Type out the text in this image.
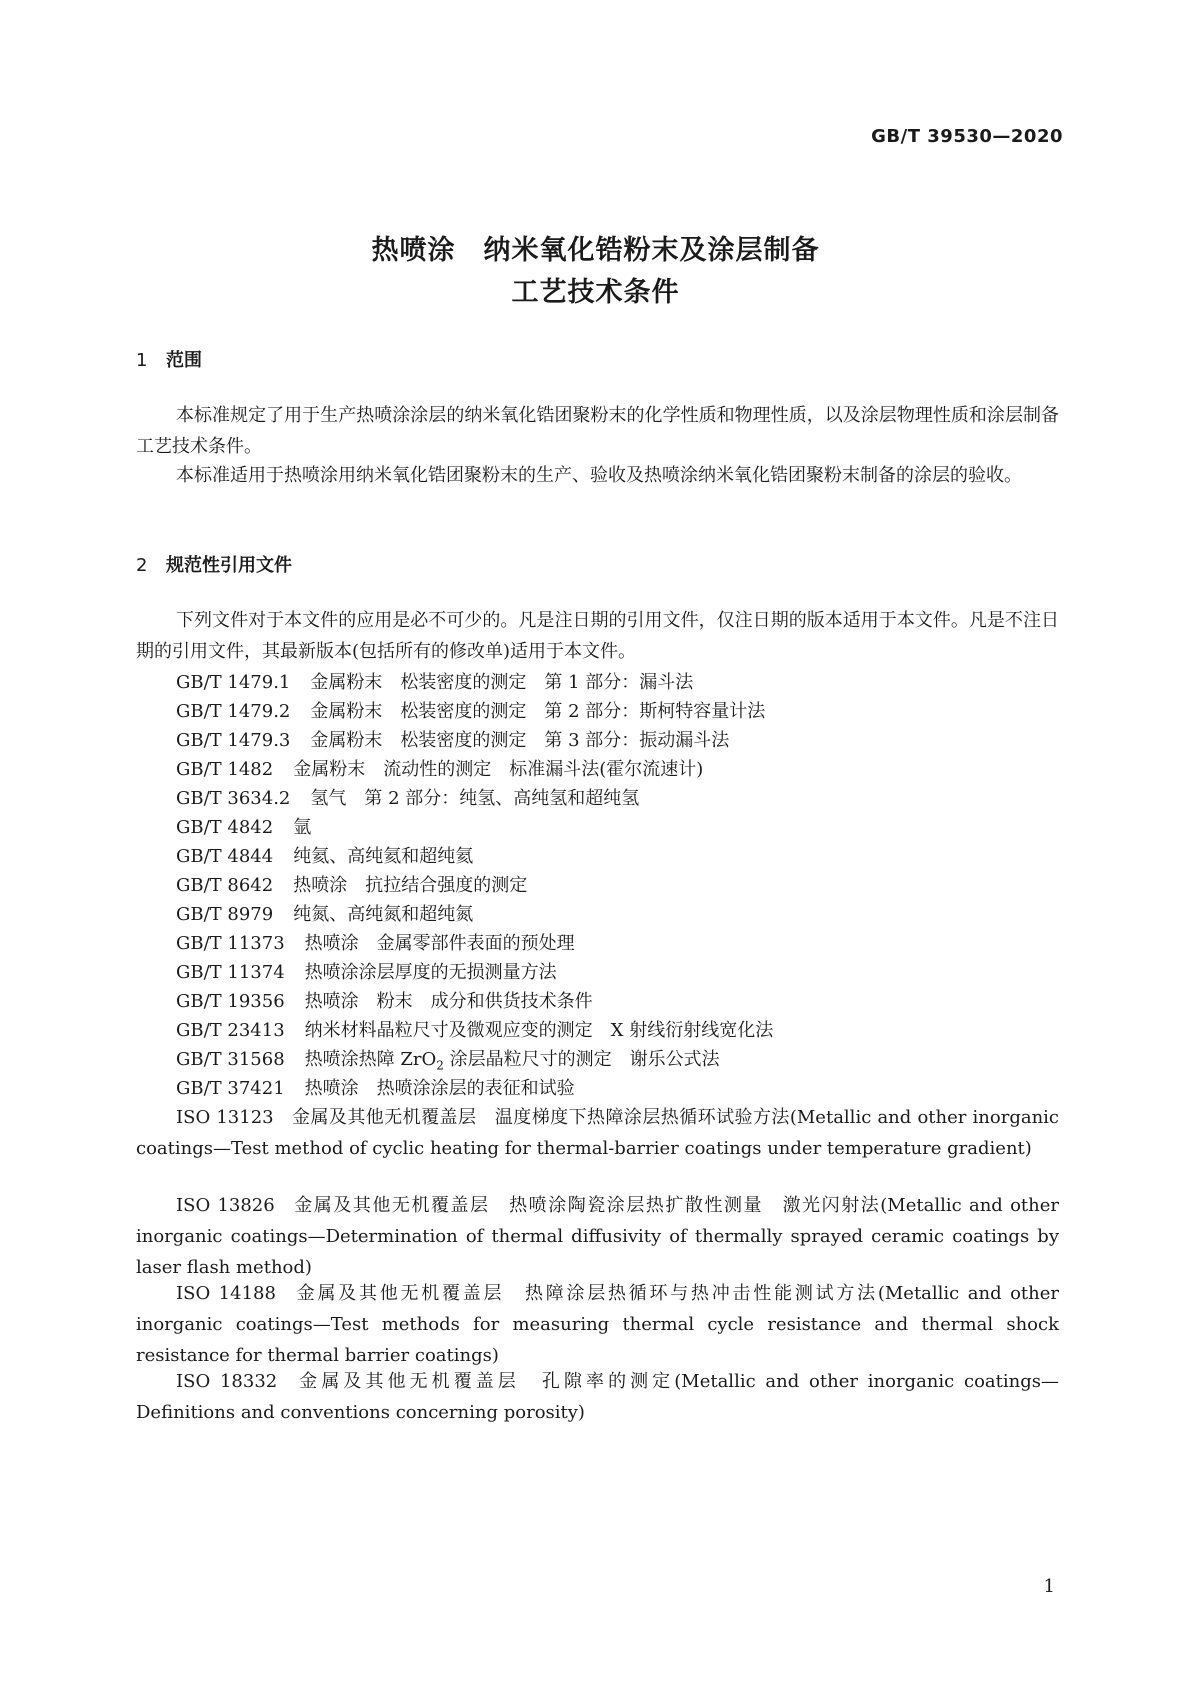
GB/T 39530—2020
热喷涂　纳米氧化锆粉末及涂层制备
工艺技术条件
1 范围
本标准规定了用于生产热喷涂涂层的纳米氧化锆团聚粉末的化学性质和物理性质，以及涂层物理性质和涂层制备工艺技术条件。
本标准适用于热喷涂用纳米氧化锆团聚粉末的生产、验收及热喷涂纳米氧化锆团聚粉末制备的涂层的验收。
2 规范性引用文件
下列文件对于本文件的应用是必不可少的。凡是注日期的引用文件，仅注日期的版本适用于本文件。凡是不注日期的引用文件，其最新版本(包括所有的修改单)适用于本文件。
GB/T 1479.1 金属粉末　松装密度的测定　第 1 部分：漏斗法
GB/T 1479.2 金属粉末　松装密度的测定　第 2 部分：斯柯特容量计法
GB/T 1479.3 金属粉末　松装密度的测定　第 3 部分：振动漏斗法
GB/T 1482 金属粉末　流动性的测定　标准漏斗法(霍尔流速计)
GB/T 3634.2 氢气　第 2 部分：纯氢、高纯氢和超纯氢
GB/T 4842 氩
GB/T 4844 纯氦、高纯氦和超纯氦
GB/T 8642 热喷涂　抗拉结合强度的测定
GB/T 8979 纯氮、高纯氮和超纯氮
GB/T 11373 热喷涂　金属零部件表面的预处理
GB/T 11374 热喷涂涂层厚度的无损测量方法
GB/T 19356 热喷涂　粉末　成分和供货技术条件
GB/T 23413 纳米材料晶粒尺寸及微观应变的测定　X 射线衍射线宽化法
GB/T 31568 热喷涂热障 ZrO$_2$ 涂层晶粒尺寸的测定　谢乐公式法
GB/T 37421 热喷涂　热喷涂涂层的表征和试验
ISO 13123 金属及其他无机覆盖层　温度梯度下热障涂层热循环试验方法(Metallic and other inorganic coatings—Test method of cyclic heating for thermal-barrier coatings under temperature gradient)
ISO 13826 金属及其他无机覆盖层　热喷涂陶瓷涂层热扩散性测量　激光闪射法(Metallic and other inorganic coatings—Determination of thermal diffusivity of thermally sprayed ceramic coatings by laser flash method)
ISO 14188 金属及其他无机覆盖层　热障涂层热循环与热冲击性能测试方法(Metallic and other inorganic coatings—Test methods for measuring thermal cycle resistance and thermal shock resistance for thermal barrier coatings)
ISO 18332 金属及其他无机覆盖层　孔隙率的测定(Metallic and other inorganic coatings—Definitions and conventions concerning porosity)
1
